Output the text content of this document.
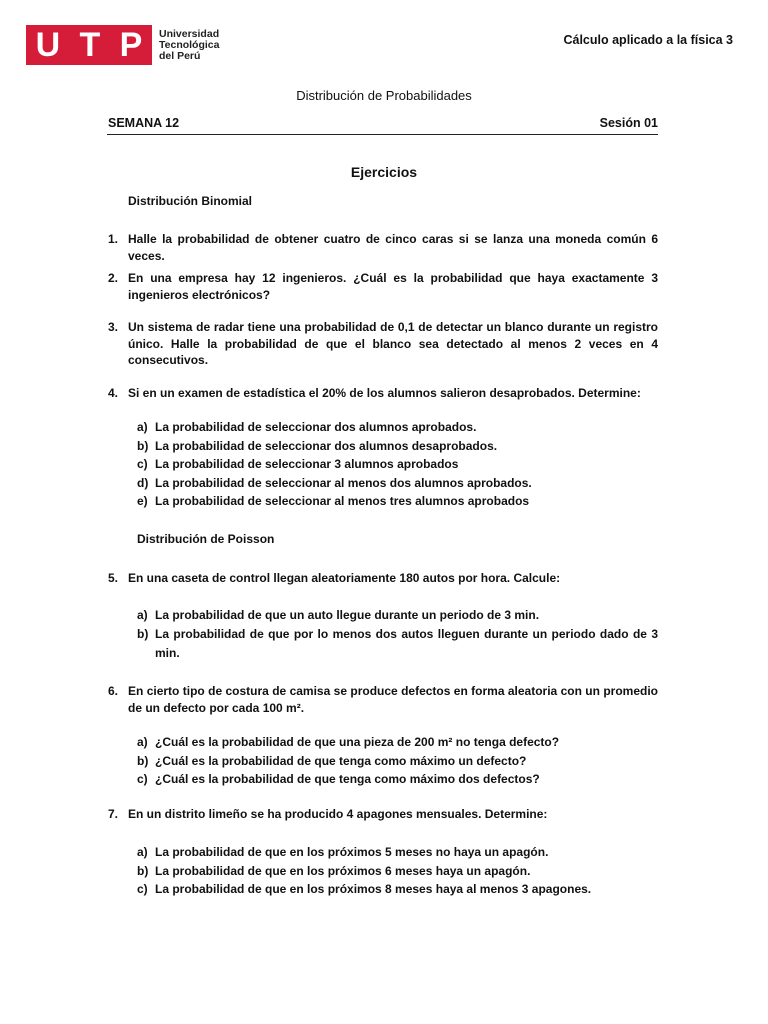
U T P Universidad
Tecnológica
del Perú
Cálculo aplicado a la física 3
Distribución de Probabilidades
SEMANA 12	Sesión 01
Ejercicios
Distribución Binomial
1. Halle la probabilidad de obtener cuatro de cinco caras si se lanza una moneda común 6 veces.
2. En una empresa hay 12 ingenieros. ¿Cuál es la probabilidad que haya exactamente 3 ingenieros electrónicos?
3. Un sistema de radar tiene una probabilidad de 0,1 de detectar un blanco durante un registro único. Halle la probabilidad de que el blanco sea detectado al menos 2 veces en 4 consecutivos.
4. Si en un examen de estadística el 20% de los alumnos salieron desaprobados. Determine:
a) La probabilidad de seleccionar dos alumnos aprobados.
b) La probabilidad de seleccionar dos alumnos desaprobados.
c) La probabilidad de seleccionar 3 alumnos aprobados
d) La probabilidad de seleccionar al menos dos alumnos aprobados.
e) La probabilidad de seleccionar al menos tres alumnos aprobados
Distribución de Poisson
5. En una caseta de control llegan aleatoriamente 180 autos por hora. Calcule:
a) La probabilidad de que un auto llegue durante un periodo de 3 min.
b) La probabilidad de que por lo menos dos autos lleguen durante un periodo dado de 3 min.
6. En cierto tipo de costura de camisa se produce defectos en forma aleatoria con un promedio de un defecto por cada 100 m².
a) ¿Cuál es la probabilidad de que una pieza de 200 m² no tenga defecto?
b) ¿Cuál es la probabilidad de que tenga como máximo un defecto?
c) ¿Cuál es la probabilidad de que tenga como máximo dos defectos?
7. En un distrito limeño se ha producido 4 apagones mensuales. Determine:
a) La probabilidad de que en los próximos 5 meses no haya un apagón.
b) La probabilidad de que en los próximos 6 meses haya un apagón.
c) La probabilidad de que en los próximos 8 meses haya al menos 3 apagones.
